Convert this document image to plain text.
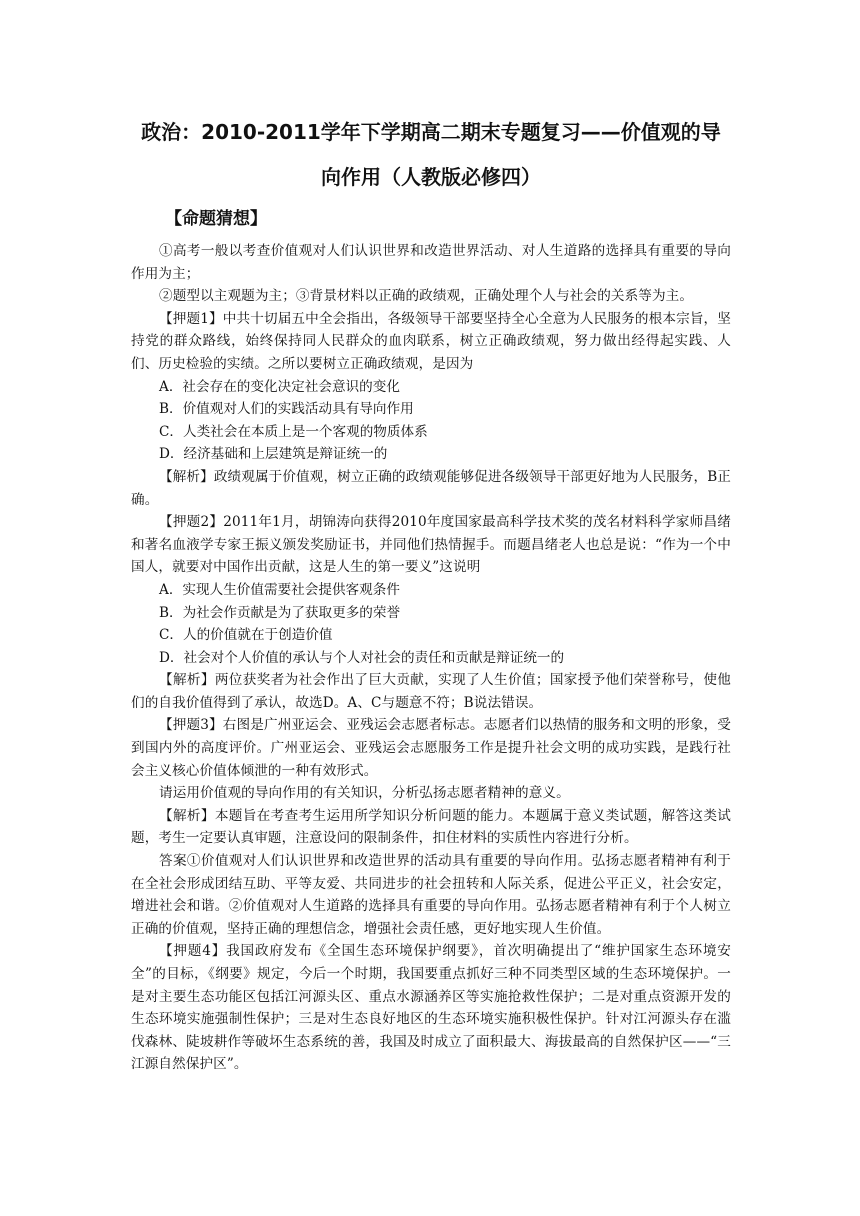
政治：2010-2011学年下学期高二期末专题复习——价值观的导

向作用（人教版必修四）

【命题猜想】

①高考一般以考查价值观对人们认识世界和改造世界活动、对人生道路的选择具有重要的导向作用为主；

②题型以主观题为主；③背景材料以正确的政绩观，正确处理个人与社会的关系等为主。

【押题1】中共十切届五中全会指出，各级领导干部要坚持全心全意为人民服务的根本宗旨，坚持党的群众路线，始终保持同人民群众的血肉联系，树立正确政绩观，努力做出经得起实践、人们、历史检验的实绩。之所以要树立正确政绩观，是因为

A．社会存在的变化决定社会意识的变化

B．价值观对人们的实践活动具有导向作用

C．人类社会在本质上是一个客观的物质体系

D．经济基础和上层建筑是辩证统一的

【解析】政绩观属于价值观，树立正确的政绩观能够促进各级领导干部更好地为人民服务，B正确。

【押题2】2011年1月，胡锦涛向获得2010年度国家最高科学技术奖的茂名材料科学家师昌绪和著名血液学专家王振义颁发奖励证书，并同他们热情握手。而题昌绪老人也总是说：“作为一个中国人，就要对中国作出贡献，这是人生的第一要义”这说明

A．实现人生价值需要社会提供客观条件

B．为社会作贡献是为了获取更多的荣誉

C．人的价值就在于创造价值

D．社会对个人价值的承认与个人对社会的责任和贡献是辩证统一的

【解析】两位获奖者为社会作出了巨大贡献，实现了人生价值；国家授予他们荣誉称号，使他们的自我价值得到了承认，故选D。A、C与题意不符；B说法错误。

【押题3】右图是广州亚运会、亚残运会志愿者标志。志愿者们以热情的服务和文明的形象，受到国内外的高度评价。广州亚运会、亚残运会志愿服务工作是提升社会文明的成功实践，是践行社会主义核心价值体倾泄的一种有效形式。

请运用价值观的导向作用的有关知识，分析弘扬志愿者精神的意义。

【解析】本题旨在考查考生运用所学知识分析问题的能力。本题属于意义类试题，解答这类试题，考生一定要认真审题，注意设问的限制条件，扣住材料的实质性内容进行分析。

答案①价值观对人们认识世界和改造世界的活动具有重要的导向作用。弘扬志愿者精神有利于在全社会形成团结互助、平等友爱、共同进步的社会扭转和人际关系，促进公平正义，社会安定，增进社会和谐。②价值观对人生道路的选择具有重要的导向作用。弘扬志愿者精神有利于个人树立正确的价值观，坚持正确的理想信念，增强社会责任感，更好地实现人生价值。

【押题4】我国政府发布《全国生态环境保护纲要》，首次明确提出了“维护国家生态环境安全”的目标，《纲要》规定，今后一个时期，我国要重点抓好三种不同类型区域的生态环境保护。一是对主要生态功能区包括江河源头区、重点水源涵养区等实施抢救性保护；二是对重点资源开发的生态环境实施强制性保护；三是对生态良好地区的生态环境实施积极性保护。针对江河源头存在滥伐森林、陡坡耕作等破坏生态系统的善，我国及时成立了面积最大、海拔最高的自然保护区——“三江源自然保护区”。
